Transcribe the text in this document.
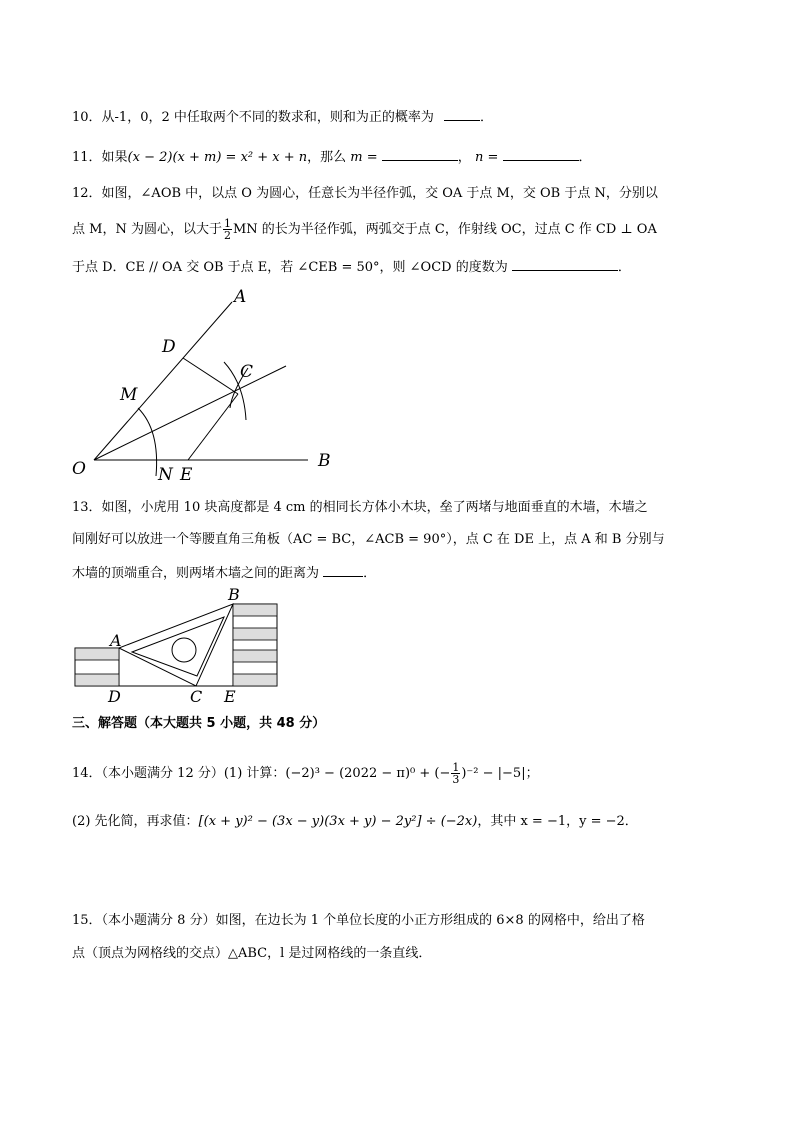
10．从-1，0，2 中任取两个不同的数求和，则和为正的概率为	．
11．如果(x − 2)(x + m) = x² + x + n，那么 m =	， n =	．
12．如图，∠AOB 中，以点 O 为圆心，任意长为半径作弧，交 OA 于点 M，交 OB 于点 N，分别以
点 M，N 为圆心，以大于 $\frac{1}{2}$ MN 的长为半径作弧，两弧交于点 C，作射线 OC，过点 C 作 CD ⊥ OA
于点 D．CE // OA 交 OB 于点 E，若 ∠CEB = 50°，则 ∠OCD 的度数为	．
A
D
C
M
O	N E
B
13．如图，小虎用 10 块高度都是 4 cm 的相同长方体小木块，垒了两堵与地面垂直的木墙，木墙之
间刚好可以放进一个等腰直角三角板（AC = BC，∠ACB = 90°），点 C 在 DE 上，点 A 和 B 分别与
木墙的顶端重合，则两堵木墙之间的距离为	．
A
B
D	C E
三、解答题（本大题共 5 小题，共 48 分）
14．（本小题满分 12 分）(1) 计算：(−2)³ − (2022 − π)⁰ + (− $\frac{1}{3} )^{-2} - |-5|$；
(2) 先化简，再求值：[(x + y)² − (3x − y)(3x + y) − 2y²] ÷ (−2x)，其中 x = −1，y = −2．
15．（本小题满分 8 分）如图，在边长为 1 个单位长度的小正方形组成的 6×8 的网格中，给出了格
点（顶点为网格线的交点）△ABC，l 是过网格线的一条直线．
